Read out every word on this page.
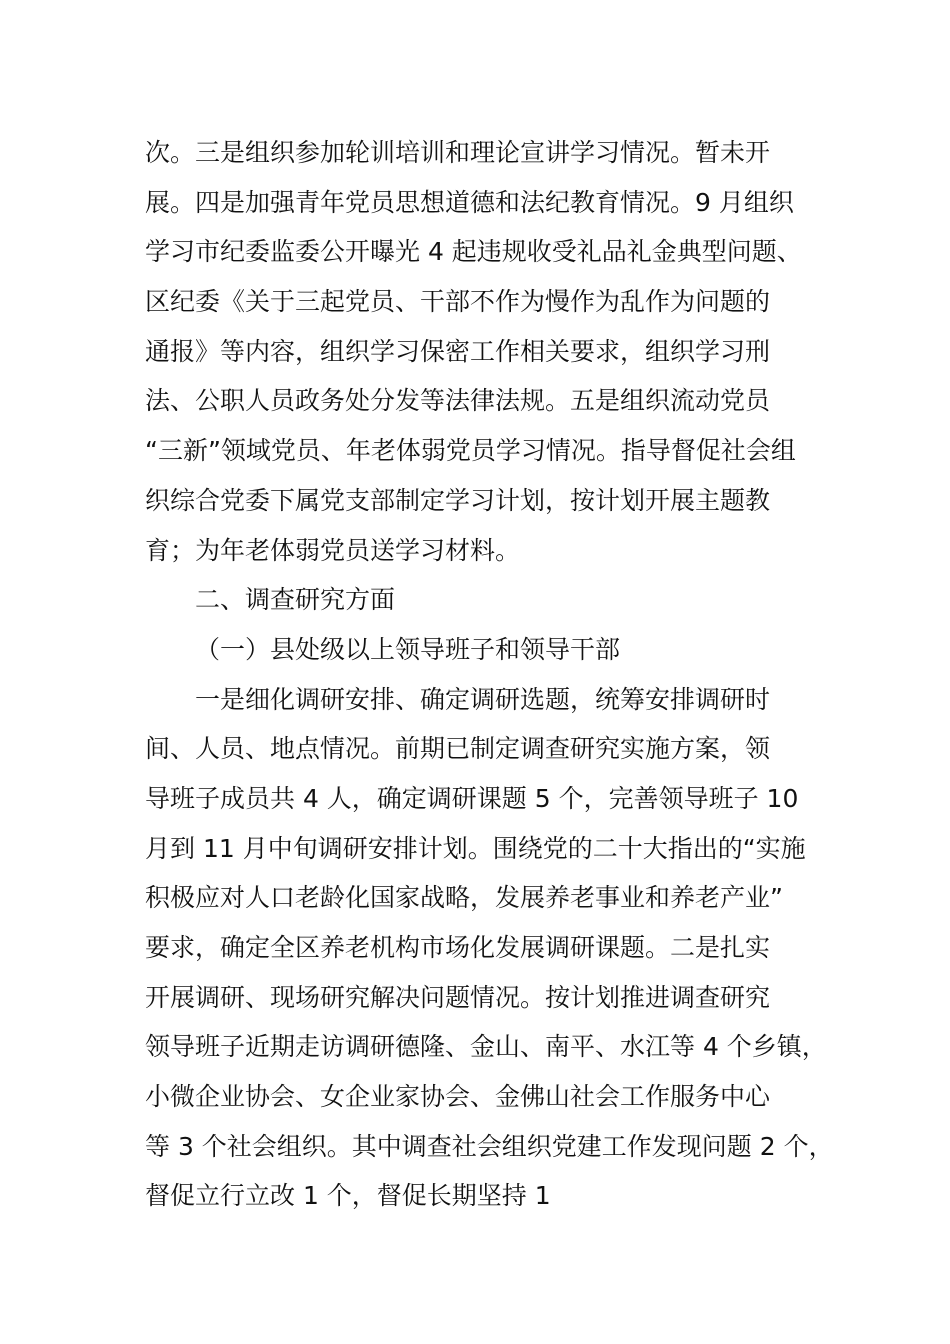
次。三是组织参加轮训培训和理论宣讲学习情况。暂未开
展。四是加强青年党员思想道德和法纪教育情况。9 月组织
学习市纪委监委公开曝光 4 起违规收受礼品礼金典型问题、
区纪委《关于三起党员、干部不作为慢作为乱作为问题的
通报》等内容，组织学习保密工作相关要求，组织学习刑
法、公职人员政务处分发等法律法规。五是组织流动党员
“三新”领域党员、年老体弱党员学习情况。指导督促社会组
织综合党委下属党支部制定学习计划，按计划开展主题教
育；为年老体弱党员送学习材料。
二、调查研究方面
（一）县处级以上领导班子和领导干部
一是细化调研安排、确定调研选题，统筹安排调研时
间、人员、地点情况。前期已制定调查研究实施方案，领
导班子成员共 4 人，确定调研课题 5 个，完善领导班子 10
月到 11 月中旬调研安排计划。围绕党的二十大指出的“实施
积极应对人口老龄化国家战略，发展养老事业和养老产业”
要求，确定全区养老机构市场化发展调研课题。二是扎实
开展调研、现场研究解决问题情况。按计划推进调查研究
领导班子近期走访调研德隆、金山、南平、水江等 4 个乡镇，
小微企业协会、女企业家协会、金佛山社会工作服务中心
等 3 个社会组织。其中调查社会组织党建工作发现问题 2 个，
督促立行立改 1 个，督促长期坚持 1
